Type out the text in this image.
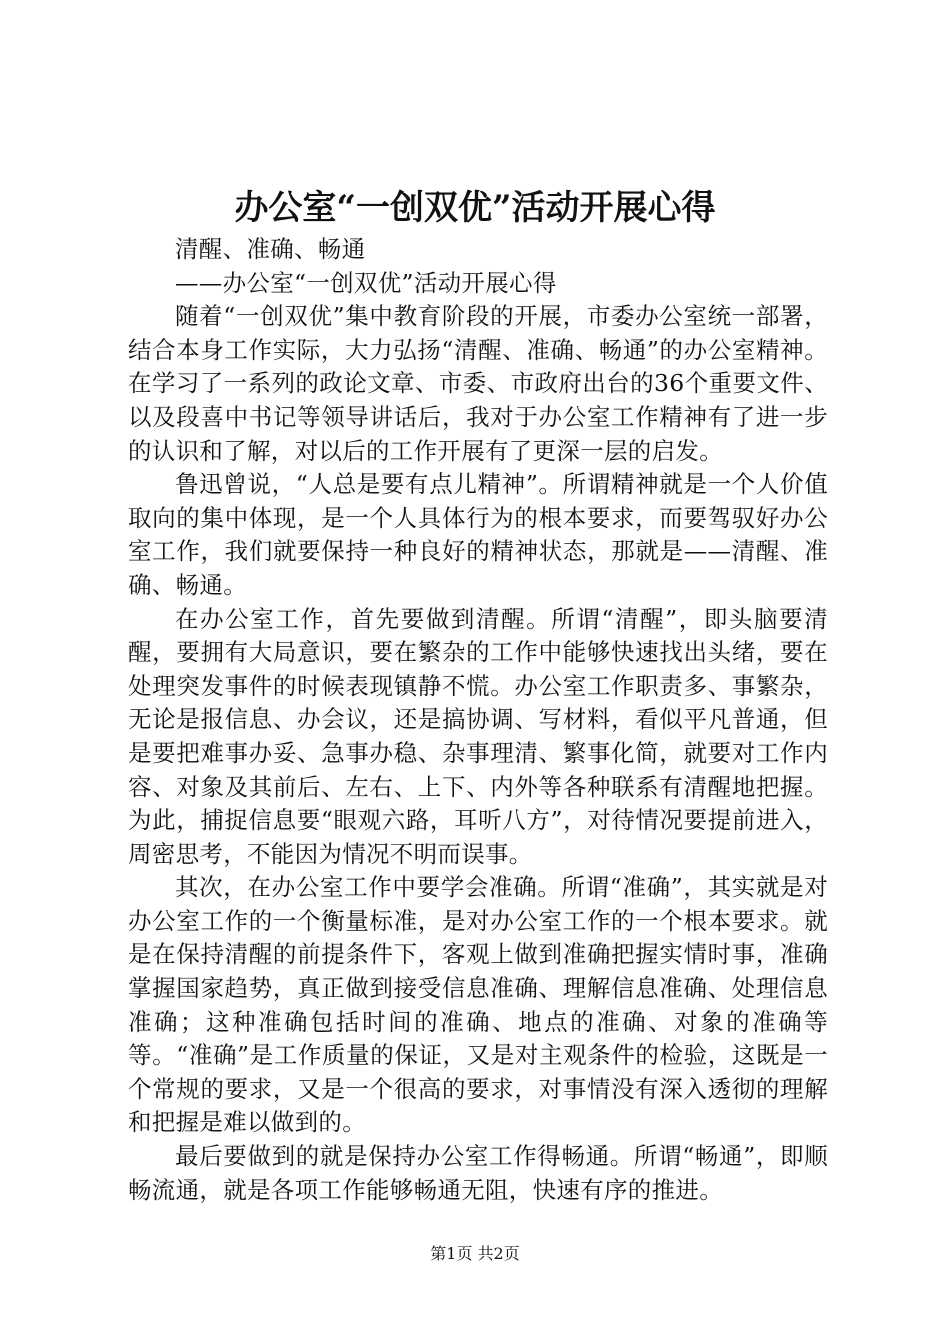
办公室“一创双优”活动开展心得

清醒、准确、畅通

——办公室“一创双优”活动开展心得

随着“一创双优”集中教育阶段的开展，市委办公室统一部署，结合本身工作实际，大力弘扬“清醒、准确、畅通”的办公室精神。在学习了一系列的政论文章、市委、市政府出台的36个重要文件、以及段喜中书记等领导讲话后，我对于办公室工作精神有了进一步的认识和了解，对以后的工作开展有了更深一层的启发。

鲁迅曾说，“人总是要有点儿精神”。所谓精神就是一个人价值取向的集中体现，是一个人具体行为的根本要求，而要驾驭好办公室工作，我们就要保持一种良好的精神状态，那就是——清醒、准确、畅通。

在办公室工作，首先要做到清醒。所谓“清醒”，即头脑要清醒，要拥有大局意识，要在繁杂的工作中能够快速找出头绪，要在处理突发事件的时候表现镇静不慌。办公室工作职责多、事繁杂，无论是报信息、办会议，还是搞协调、写材料，看似平凡普通，但是要把难事办妥、急事办稳、杂事理清、繁事化简，就要对工作内容、对象及其前后、左右、上下、内外等各种联系有清醒地把握。为此，捕捉信息要“眼观六路，耳听八方”，对待情况要提前进入，周密思考，不能因为情况不明而误事。

其次，在办公室工作中要学会准确。所谓“准确”，其实就是对办公室工作的一个衡量标准，是对办公室工作的一个根本要求。就是在保持清醒的前提条件下，客观上做到准确把握实情时事，准确掌握国家趋势，真正做到接受信息准确、理解信息准确、处理信息准确；这种准确包括时间的准确、地点的准确、对象的准确等等。“准确”是工作质量的保证，又是对主观条件的检验，这既是一个常规的要求，又是一个很高的要求，对事情没有深入透彻的理解和把握是难以做到的。

最后要做到的就是保持办公室工作得畅通。所谓“畅通”，即顺畅流通，就是各项工作能够畅通无阻，快速有序的推进。

第1页 共2页
